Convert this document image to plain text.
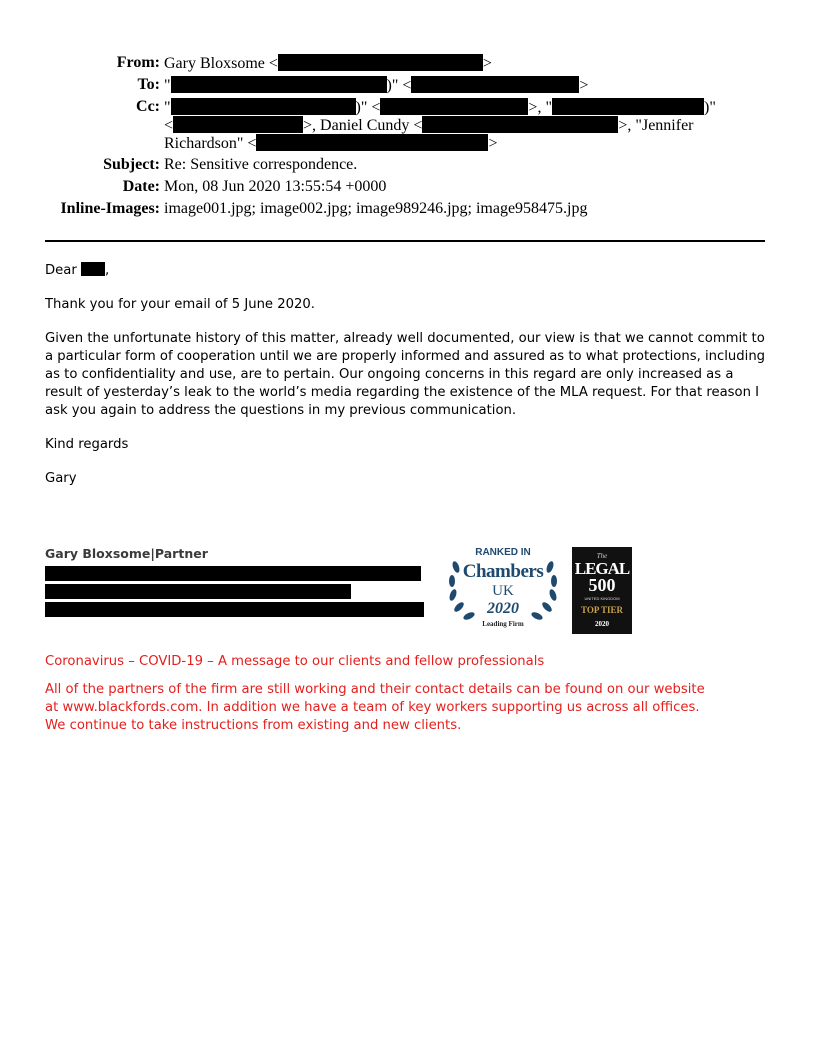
From: Gary Bloxsome <	>
To: "	)" <	>
Cc: "	)" <	>, "	)"
<	>, Daniel Cundy <	>, "Jennifer
Richardson" <	>
Subject: Re: Sensitive correspondence.
Date: Mon, 08 Jun 2020 13:55:54 +0000
Inline-Images: image001.jpg; image002.jpg; image989246.jpg; image958475.jpg

Dear ,

Thank you for your email of 5 June 2020.

Given the unfortunate history of this matter, already well documented, our view is that we cannot commit to a particular form of cooperation until we are properly informed and assured as to what protections, including as to confidentiality and use, are to pertain. Our ongoing concerns in this regard are only increased as a result of yesterday’s leak to the world’s media regarding the existence of the MLA request. For that reason I ask you again to address the questions in my previous communication.

Kind regards

Gary

Gary Bloxsome|Partner	RANKED IN
Chambers
UK
2020
Leading Firm
The
LEGAL
500
UNITED KINGDOM
TOP TIER
2020
Coronavirus – COVID-19 – A message to our clients and fellow professionals
All of the partners of the firm are still working and their contact details can be found on our website
at www.blackfords.com. In addition we have a team of key workers supporting us across all offices.
We continue to take instructions from existing and new clients.
